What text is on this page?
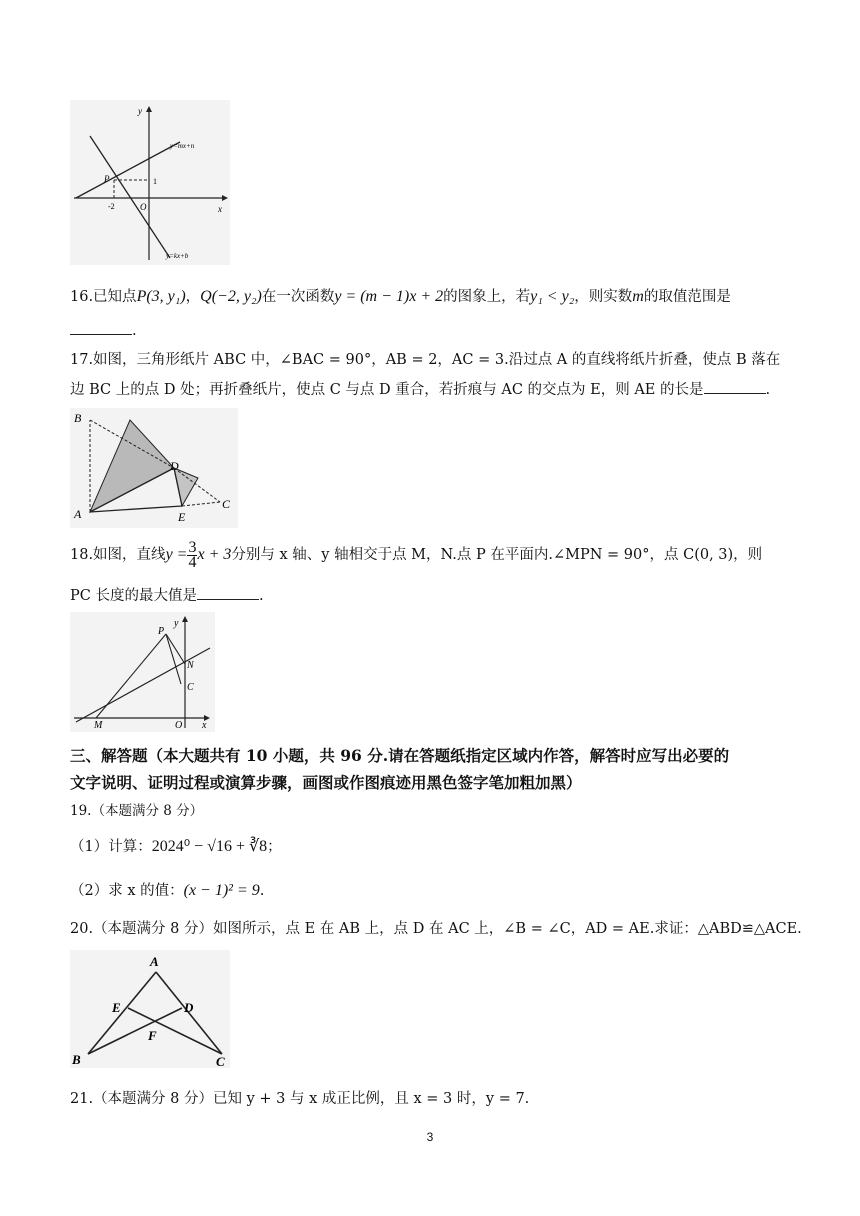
y
x
O
P
-2
1
y=mx+n
y=kx+b
16.已知点P(3, y₁)，Q(−2, y₂)在一次函数y = (m − 1)x + 2的图象上，若y₁ < y₂，则实数m的取值范围是
.
17.如图，三角形纸片 ABC 中，∠BAC = 90°，AB = 2，AC = 3.沿过点 A 的直线将纸片折叠，使点 B 落在
边 BC 上的点 D 处；再折叠纸片，使点 C 与点 D 重合，若折痕与 AC 的交点为 E，则 AE 的长是	.
B
A
D
E
C
18.如图，直线$y = \frac{3}{4}$ x + 3分别与 x 轴、y 轴相交于点 M，N.点 P 在平面内.∠MPN = 90°，点 C(0, 3)，则
PC 长度的最大值是	.
P
y
N
C
M	O x
三、解答题（本大题共有 10 小题，共 96 分.请在答题纸指定区域内作答，解答时应写出必要的
文字说明、证明过程或演算步骤，画图或作图痕迹用黑色签字笔加粗加黑）
19.（本题满分 8 分）
（1）计算：2024⁰ − √16 + ∛8；
（2）求 x 的值：(x − 1)² = 9.
20.（本题满分 8 分）如图所示，点 E 在 AB 上，点 D 在 AC 上，∠B = ∠C，AD = AE.求证：△ABD≌△ACE.
A
E	D
F
B	C
21.（本题满分 8 分）已知 y + 3 与 x 成正比例，且 x = 3 时，y = 7.
3
